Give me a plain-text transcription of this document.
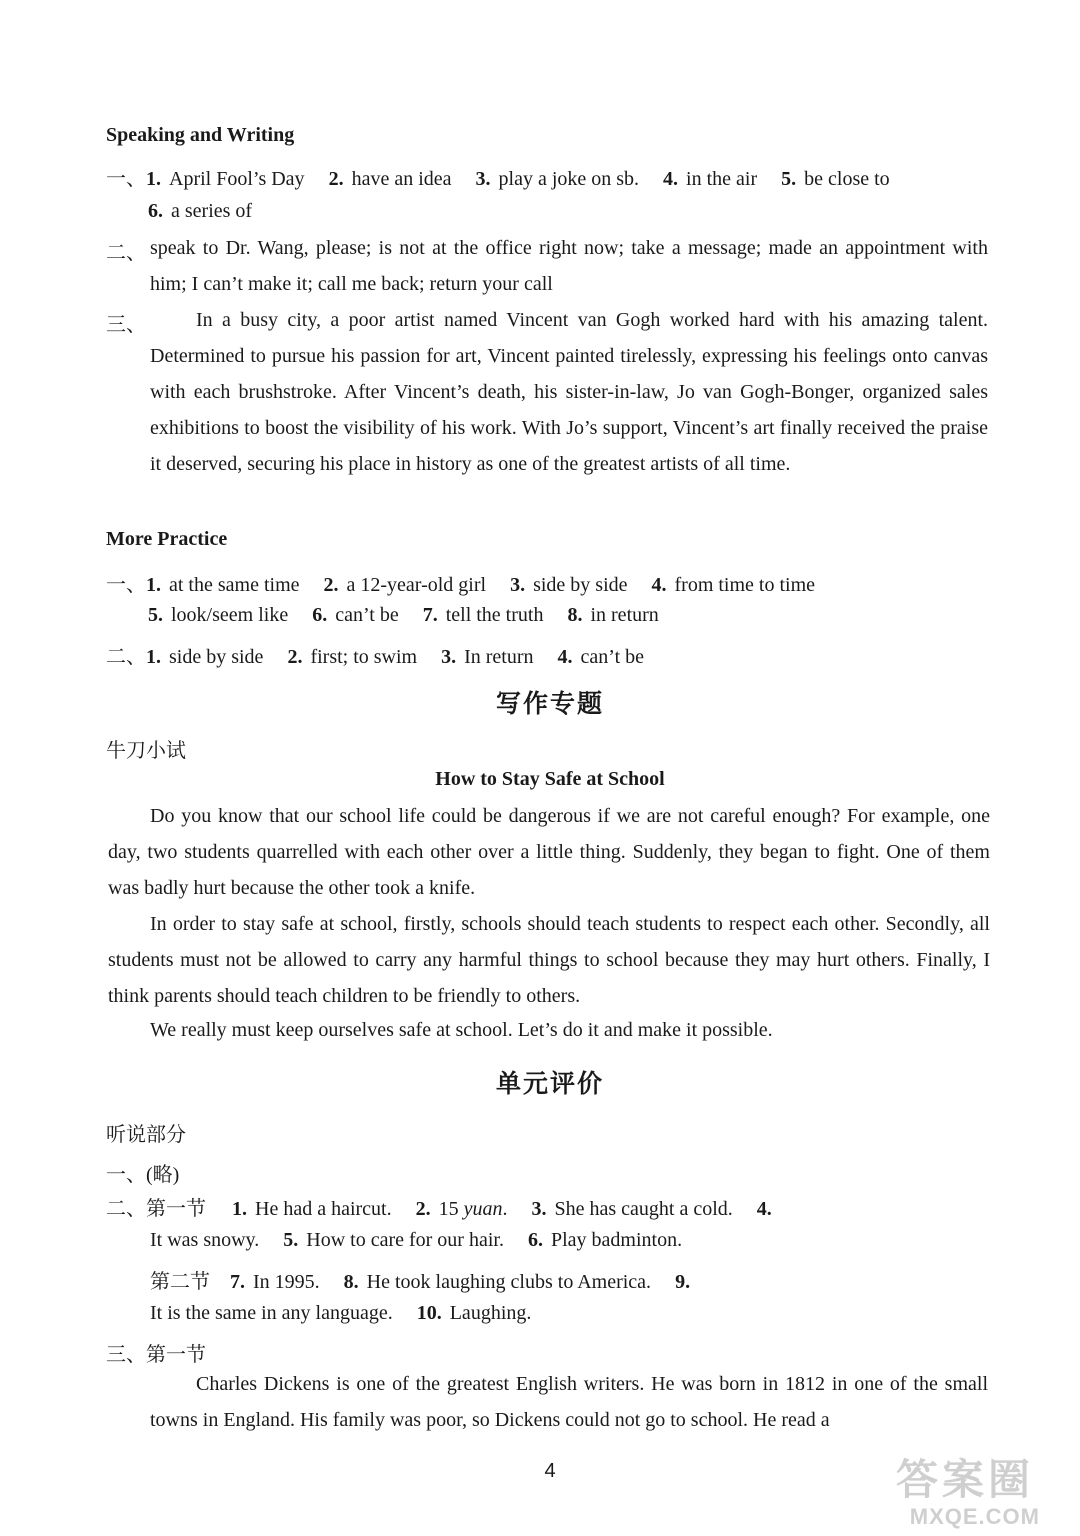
Speaking and Writing
一、1. April Fool’s Day 2. have an idea 3. play a joke on sb. 4. in the air 5. be close to
6. a series of
二、 speak to Dr. Wang, please; is not at the office right now; take a message; made an appointment with him; I can’t make it; call me back; return your call
三、	In a busy city, a poor artist named Vincent van Gogh worked hard with his amazing talent. Determined to pursue his passion for art, Vincent painted tirelessly, expressing his feelings onto canvas with each brushstroke. After Vincent’s death, his sister-in-law, Jo van Gogh-Bonger, organized sales exhibitions to boost the visibility of his work. With Jo’s support, Vincent’s art finally received the praise it deserved, securing his place in history as one of the greatest artists of all time.
More Practice
一、1. at the same time 2. a 12-year-old girl 3. side by side 4. from time to time
5. look/seem like 6. can’t be 7. tell the truth 8. in return
二、1. side by side 2. first; to swim 3. In return 4. can’t be
写作专题
牛刀小试
How to Stay Safe at School
Do you know that our school life could be dangerous if we are not careful enough? For example, one day, two students quarrelled with each other over a little thing. Suddenly, they began to fight. One of them was badly hurt because the other took a knife.
In order to stay safe at school, firstly, schools should teach students to respect each other. Secondly, all students must not be allowed to carry any harmful things to school because they may hurt others. Finally, I think parents should teach children to be friendly to others.
We really must keep ourselves safe at school. Let’s do it and make it possible.
单元评价
听说部分
一、(略)
二、第一节 1. He had a haircut. 2. 15 yuan. 3. She has caught a cold. 4.
It was snowy. 5. How to care for our hair. 6. Play badminton.
第二节 7. In 1995. 8. He took laughing clubs to America. 9.
It is the same in any language. 10. Laughing.
三、第一节
Charles Dickens is one of the greatest English writers. He was born in 1812 in one of the small towns in England. His family was poor, so Dickens could not go to school. He read a
4	答案圈
MXQE.COM
